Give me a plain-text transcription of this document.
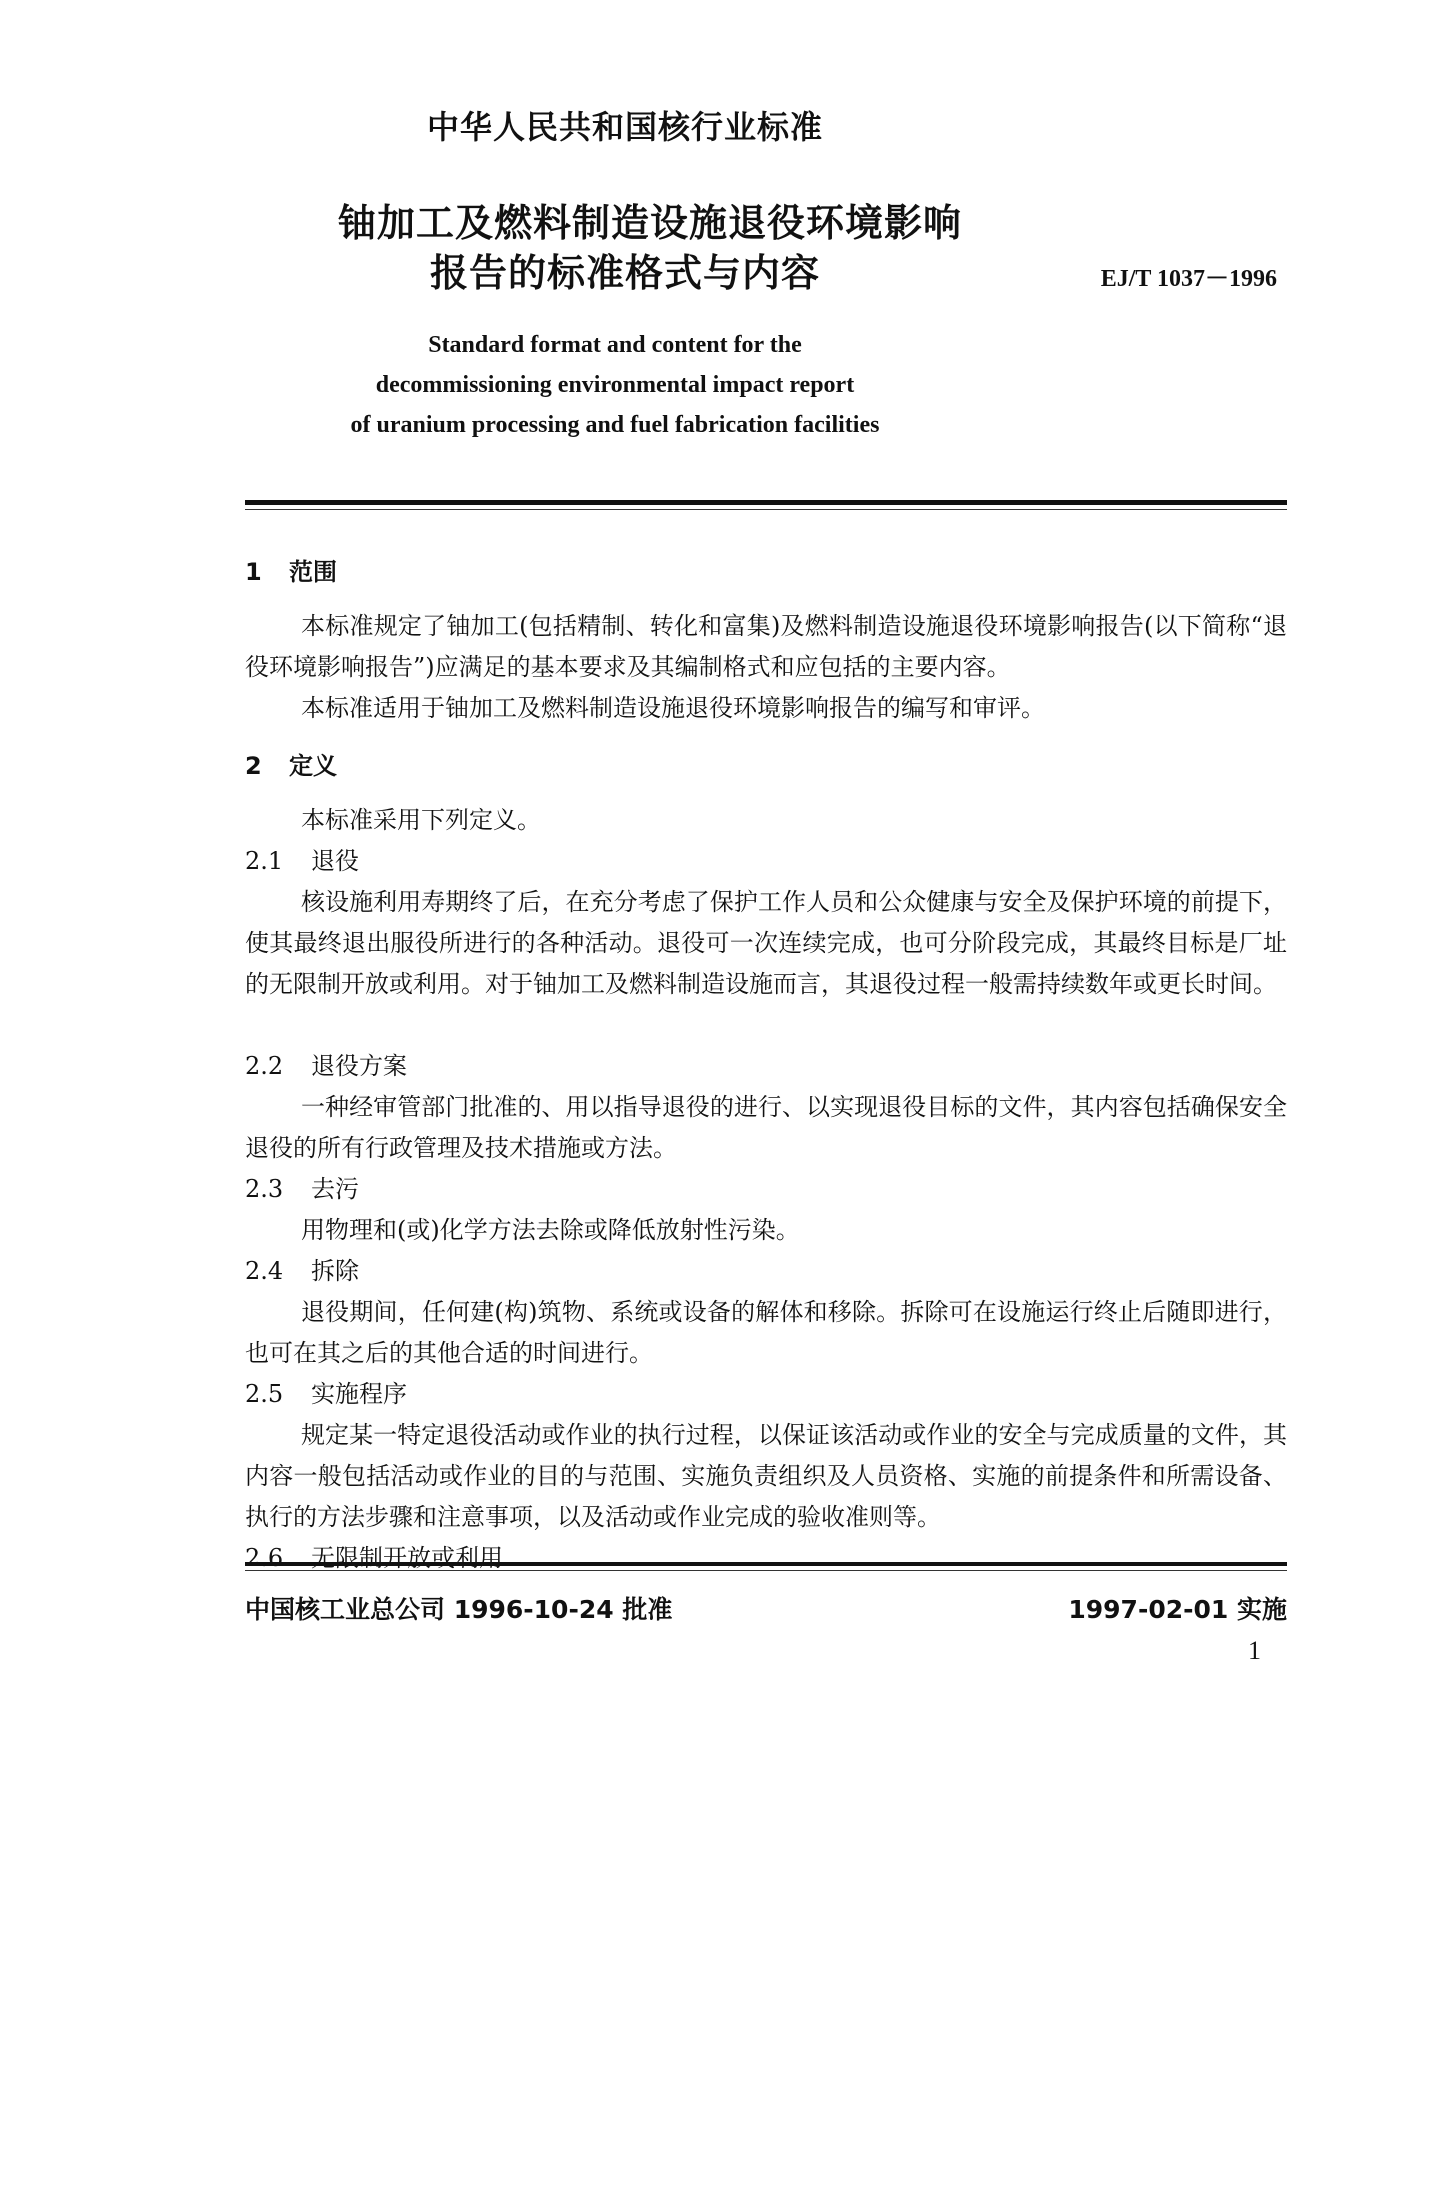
中华人民共和国核行业标准
铀加工及燃料制造设施退役环境影响
报告的标准格式与内容	EJ/T 1037－1996
Standard format and content for the
decommissioning environmental impact report
of uranium processing and fuel fabrication facilities
1 范围
本标准规定了铀加工(包括精制、转化和富集)及燃料制造设施退役环境影响报告(以下简称“退役环境影响报告”)应满足的基本要求及其编制格式和应包括的主要内容。
本标准适用于铀加工及燃料制造设施退役环境影响报告的编写和审评。
2 定义
本标准采用下列定义。
2.1 退役
核设施利用寿期终了后，在充分考虑了保护工作人员和公众健康与安全及保护环境的前提下，使其最终退出服役所进行的各种活动。退役可一次连续完成，也可分阶段完成，其最终目标是厂址的无限制开放或利用。对于铀加工及燃料制造设施而言，其退役过程一般需持续数年或更长时间。
2.2 退役方案
一种经审管部门批准的、用以指导退役的进行、以实现退役目标的文件，其内容包括确保安全退役的所有行政管理及技术措施或方法。
2.3 去污
用物理和(或)化学方法去除或降低放射性污染。
2.4 拆除
退役期间，任何建(构)筑物、系统或设备的解体和移除。拆除可在设施运行终止后随即进行，也可在其之后的其他合适的时间进行。
2.5 实施程序
规定某一特定退役活动或作业的执行过程，以保证该活动或作业的安全与完成质量的文件，其内容一般包括活动或作业的目的与范围、实施负责组织及人员资格、实施的前提条件和所需设备、执行的方法步骤和注意事项，以及活动或作业完成的验收准则等。
2.6 无限制开放或利用
中国核工业总公司 1996-10-24 批准	1997-02-01 实施
1
